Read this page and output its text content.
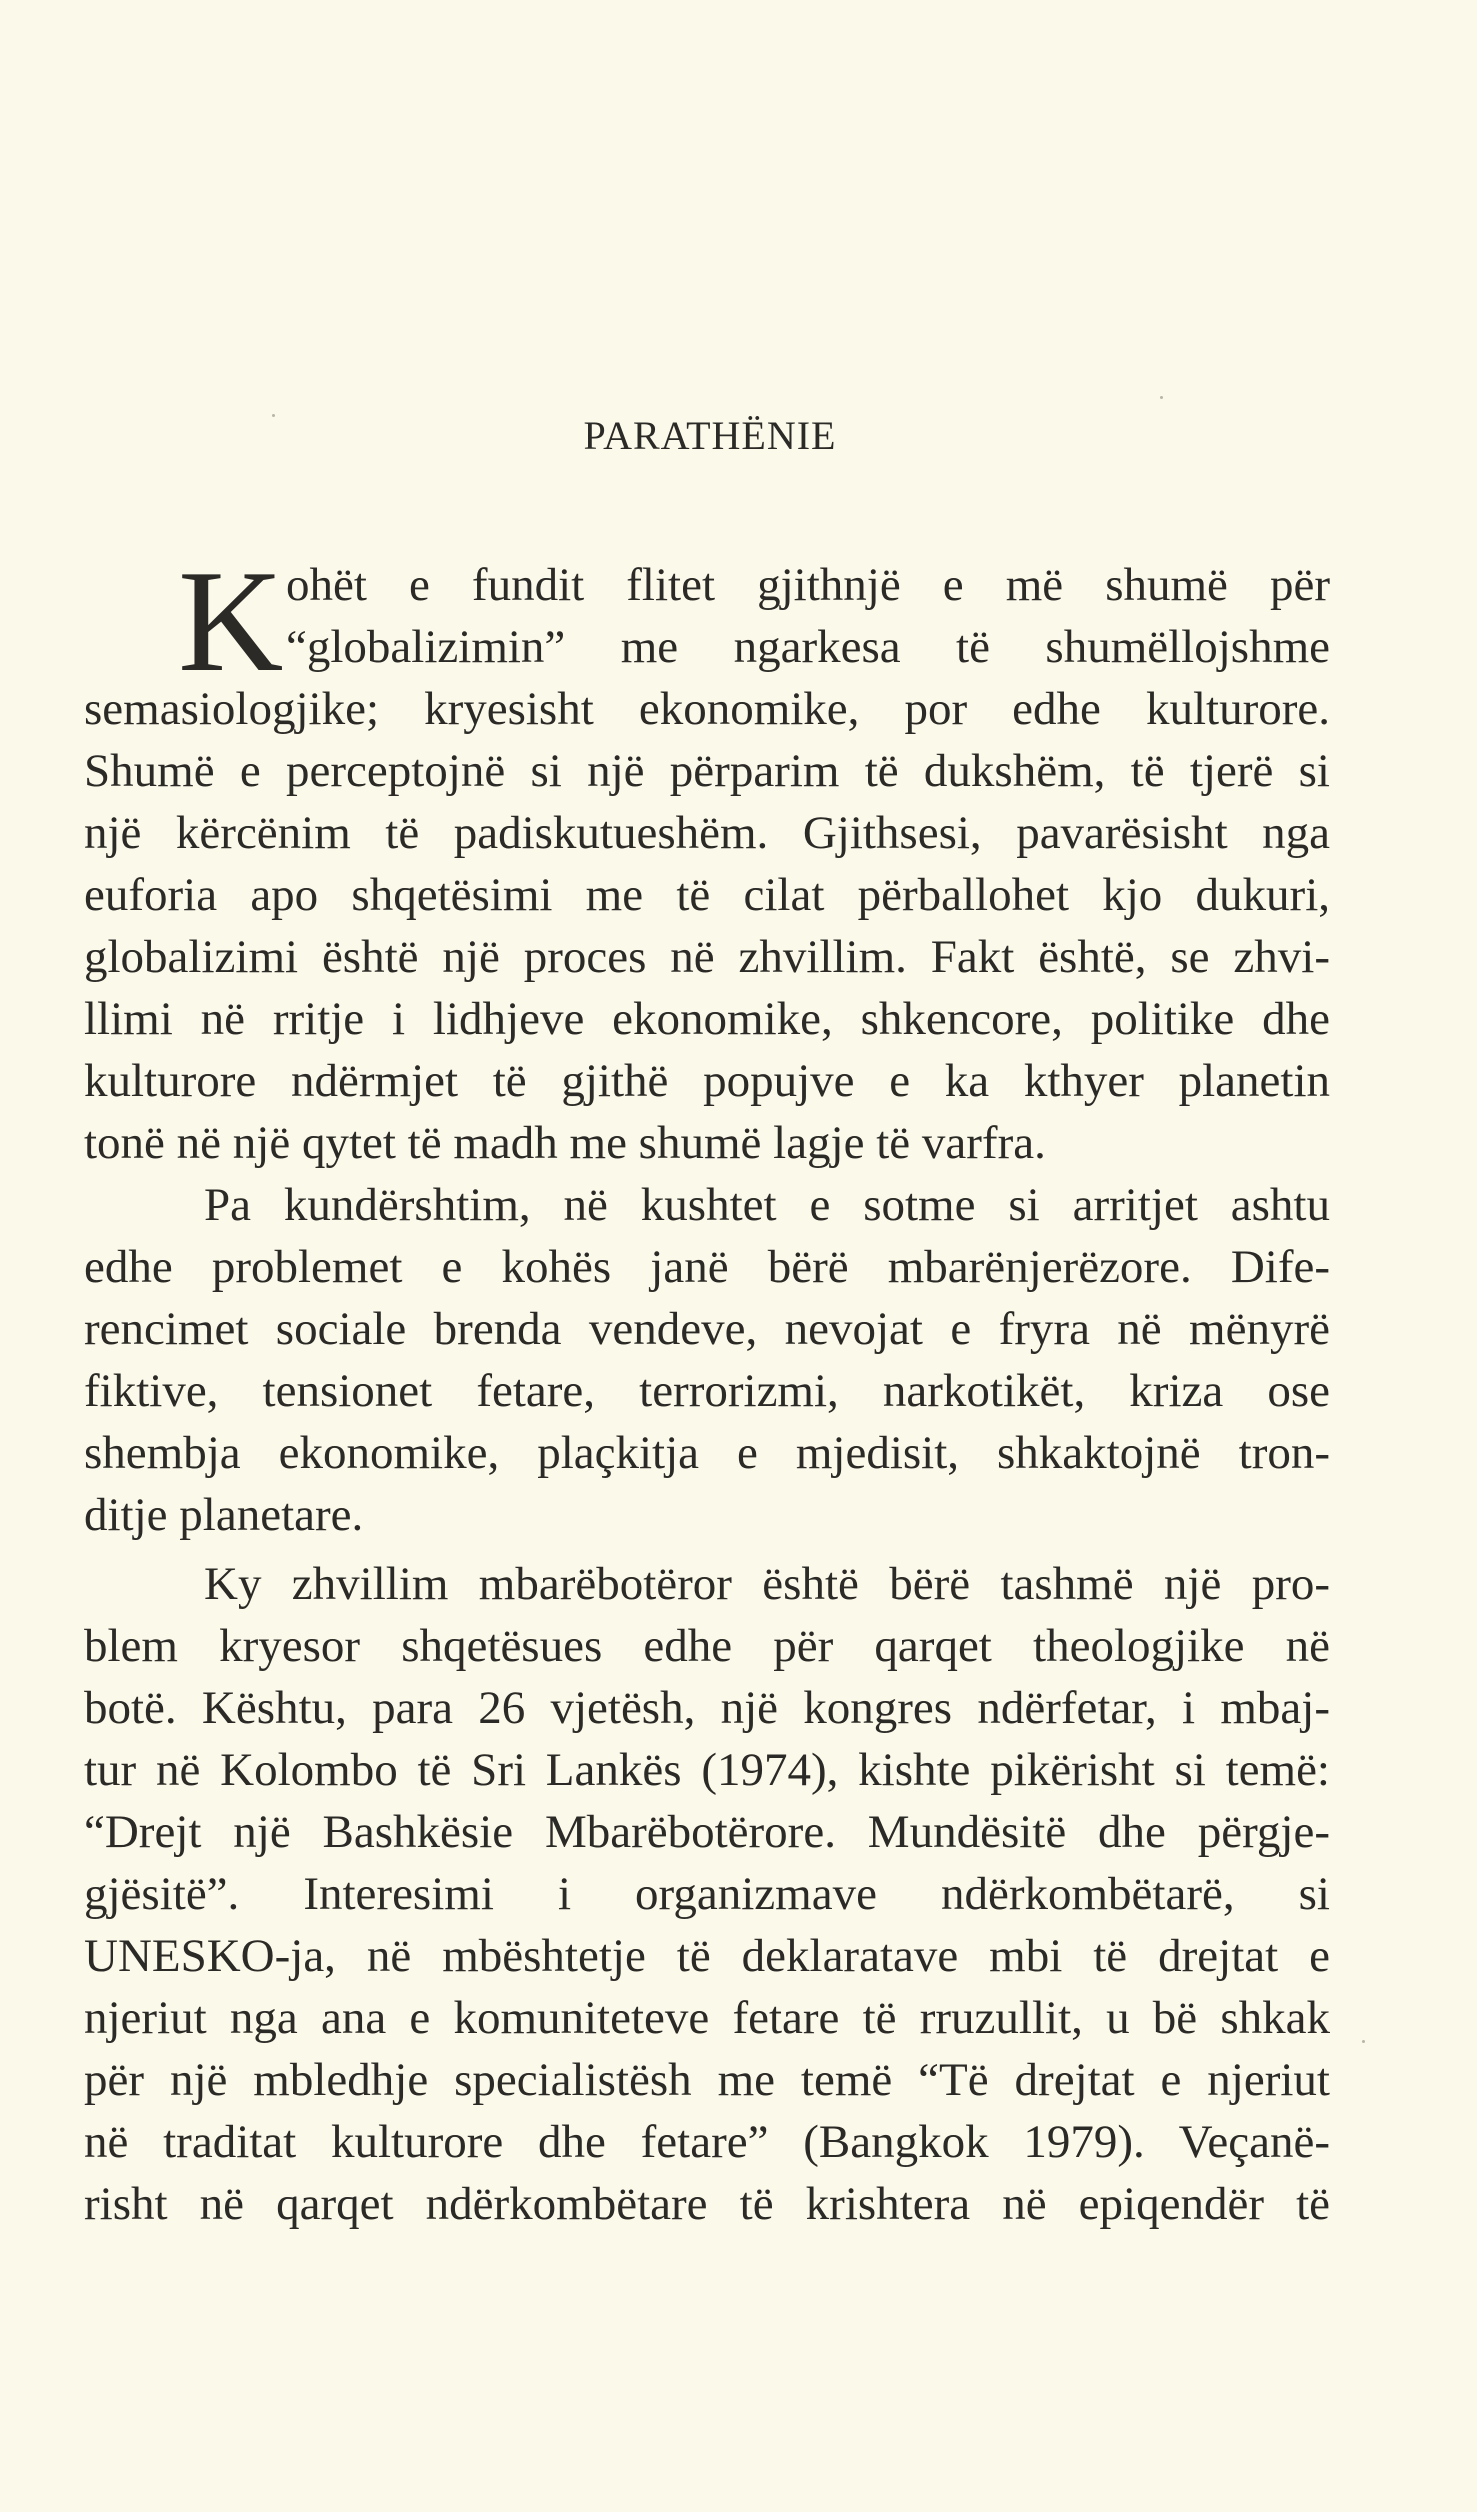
PARATHËNIE
K ohët e fundit flitet gjithnjë e më shumë për
“globalizimin” me ngarkesa të shumëllojshme
semasiologjike; kryesisht ekonomike, por edhe kulturore.
Shumë e perceptojnë si një përparim të dukshëm, të tjerë si
një kërcënim të padiskutueshëm. Gjithsesi, pavarësisht nga
euforia apo shqetësimi me të cilat përballohet kjo dukuri,
globalizimi është një proces në zhvillim. Fakt është, se zhvi-
llimi në rritje i lidhjeve ekonomike, shkencore, politike dhe
kulturore ndërmjet të gjithë popujve e ka kthyer planetin
tonë në një qytet të madh me shumë lagje të varfra.
Pa kundërshtim, në kushtet e sotme si arritjet ashtu
edhe problemet e kohës janë bërë mbarënjerëzore. Dife-
rencimet sociale brenda vendeve, nevojat e fryra në mënyrë
fiktive, tensionet fetare, terrorizmi, narkotikët, kriza ose
shembja ekonomike, plaçkitja e mjedisit, shkaktojnë tron-
ditje planetare.
Ky zhvillim mbarëbotëror është bërë tashmë një pro-
blem kryesor shqetësues edhe për qarqet theologjike në
botë. Kështu, para 26 vjetësh, një kongres ndërfetar, i mbaj-
tur në Kolombo të Sri Lankës (1974), kishte pikërisht si temë:
“Drejt një Bashkësie Mbarëbotërore. Mundësitë dhe përgje-
gjësitë”. Interesimi i organizmave ndërkombëtarë, si
UNESKO-ja, në mbështetje të deklaratave mbi të drejtat e
njeriut nga ana e komuniteteve fetare të rruzullit, u bë shkak
për një mbledhje specialistësh me temë “Të drejtat e njeriut
në traditat kulturore dhe fetare” (Bangkok 1979). Veçanë-
risht në qarqet ndërkombëtare të krishtera në epiqendër të
